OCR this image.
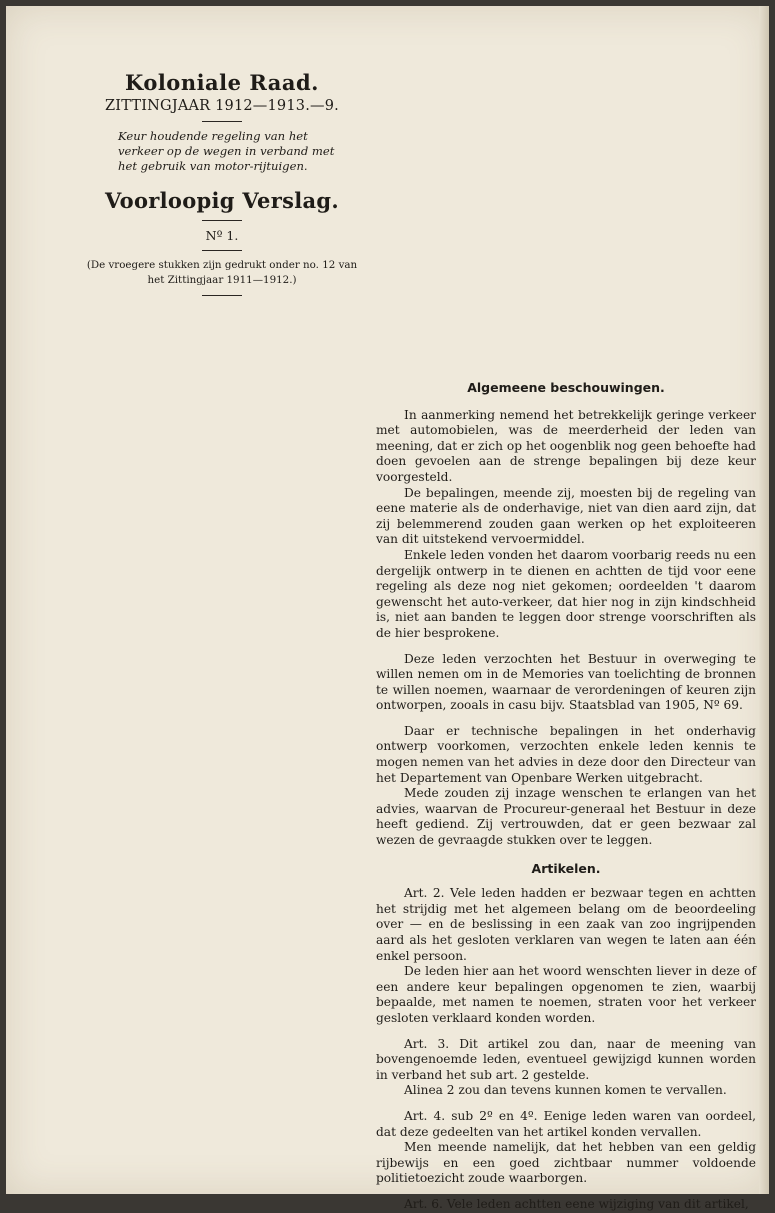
Koloniale Raad.

ZITTINGJAAR 1912—1913.—9.

Keur houdende regeling van het verkeer op de wegen in verband met het gebruik van motor-rijtuigen.

Voorloopig Verslag.

Nº 1.

(De vroegere stukken zijn gedrukt onder no. 12 van het Zittingjaar 1911—1912.)

Algemeene beschouwingen.

In aanmerking nemend het betrekkelijk geringe verkeer met automobielen, was de meerderheid der leden van meening, dat er zich op het oogenblik nog geen behoefte had doen gevoelen aan de strenge bepalingen bij deze keur voorgesteld.

De bepalingen, meende zij, moesten bij de regeling van eene materie als de onderhavige, niet van dien aard zijn, dat zij belemmerend zouden gaan werken op het exploiteeren van dit uitstekend vervoermiddel.

Enkele leden vonden het daarom voorbarig reeds nu een dergelijk ontwerp in te dienen en achtten de tijd voor eene regeling als deze nog niet gekomen; oordeelden 't daarom gewenscht het auto-verkeer, dat hier nog in zijn kindschheid is, niet aan banden te leggen door strenge voorschriften als de hier besprokene.

Deze leden verzochten het Bestuur in overweging te willen nemen om in de Memories van toelichting de bronnen te willen noemen, waarnaar de verordeningen of keuren zijn ontworpen, zooals in casu bijv. Staatsblad van 1905, Nº 69.

Daar er technische bepalingen in het onderhavig ontwerp voorkomen, verzochten enkele leden kennis te mogen nemen van het advies in deze door den Directeur van het Departement van Openbare Werken uitgebracht.

Mede zouden zij inzage wenschen te erlangen van het advies, waarvan de Procureur-generaal het Bestuur in deze heeft gediend. Zij vertrouwden, dat er geen bezwaar zal wezen de gevraagde stukken over te leggen.

Artikelen.

Art. 2. Vele leden hadden er bezwaar tegen en achtten het strijdig met het algemeen belang om de beoordeeling over — en de beslissing in een zaak van zoo ingrijpenden aard als het gesloten verklaren van wegen te laten aan één enkel persoon.

De leden hier aan het woord wenschten liever in deze of een andere keur bepalingen opgenomen te zien, waarbij bepaalde, met namen te noemen, straten voor het verkeer gesloten verklaard konden worden.

Art. 3. Dit artikel zou dan, naar de meening van bovengenoemde leden, eventueel gewijzigd kunnen worden in verband het sub art. 2 gestelde.

Alinea 2 zou dan tevens kunnen komen te vervallen.

Art. 4. sub 2º en 4º. Eenige leden waren van oordeel, dat deze gedeelten van het artikel konden vervallen.

Men meende namelijk, dat het hebben van een geldig rijbewijs en een goed zichtbaar nummer voldoende politietoezicht zoude waarborgen.

Art. 6. Vele leden achtten eene wijziging van dit artikel,
